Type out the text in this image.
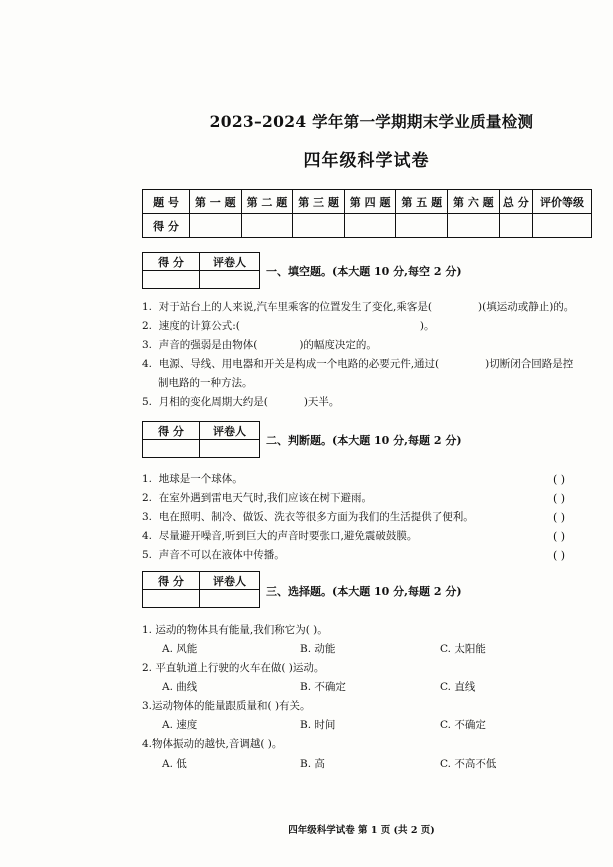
2023–2024 学年第一学期期末学业质量检测
四年级科学试卷
题 号	第 一 题	第 二 题	第 三 题	第 四 题	第 五 题	第 六 题	总 分	评价等级
得 分								
得 分	评卷人

一、填空题。(本大题 10 分,每空 2 分)
1. 对于站台上的人来说,汽车里乘客的位置发生了变化,乘客是(	)(填运动或静止)的。
2. 速度的计算公式:(	)。
3. 声音的强弱是由物体(	)的幅度决定的。
4. 电源、导线、用电器和开关是构成一个电路的必要元件,通过(	)切断闭合回路是控
制电路的一种方法。
5. 月相的变化周期大约是(	)天半。
得 分	评卷人

二、判断题。(本大题 10 分,每题 2 分)
1. 地球是一个球体。	( )
2. 在室外遇到雷电天气时,我们应该在树下避雨。	( )
3. 电在照明、制冷、做饭、洗衣等很多方面为我们的生活提供了便利。	( )
4. 尽量避开噪音,听到巨大的声音时要张口,避免震破鼓膜。	( )
5. 声音不可以在液体中传播。	( )
得 分	评卷人

三、选择题。(本大题 10 分,每题 2 分)
1. 运动的物体具有能量,我们称它为( )。
A. 风能	B. 动能	C. 太阳能
2. 平直轨道上行驶的火车在做( )运动。
A. 曲线	B. 不确定	C. 直线
3.运动物体的能量跟质量和( )有关。
A. 速度	B. 时间	C. 不确定
4.物体振动的越快,音调越( )。
A. 低	B. 高	C. 不高不低
四年级科学试卷 第 1 页 (共 2 页)
